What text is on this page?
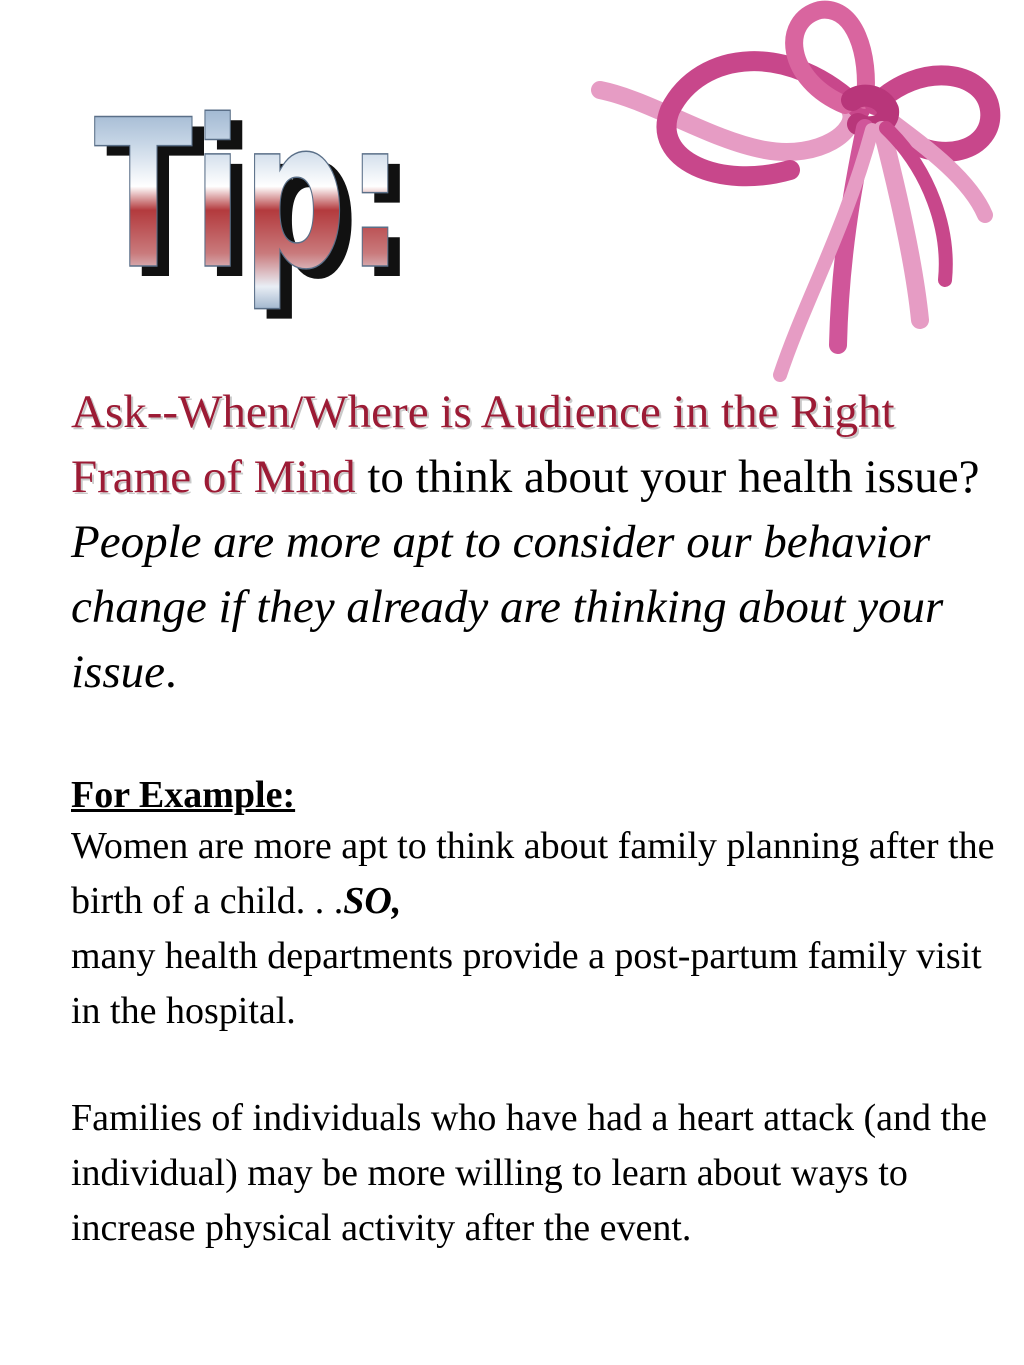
Tip:
Tip:

Ask--When/Where is Audience in the Right Frame of Mind to think about your health issue? People are more apt to consider our behavior change if they already are thinking about your issue.

For Example:

Women are more apt to think about family planning after the birth of a child. . .SO,
many health departments provide a post-partum family visit in the hospital.

Families of individuals who have had a heart attack (and the individual) may be more willing to learn about ways to increase physical activity after the event.
